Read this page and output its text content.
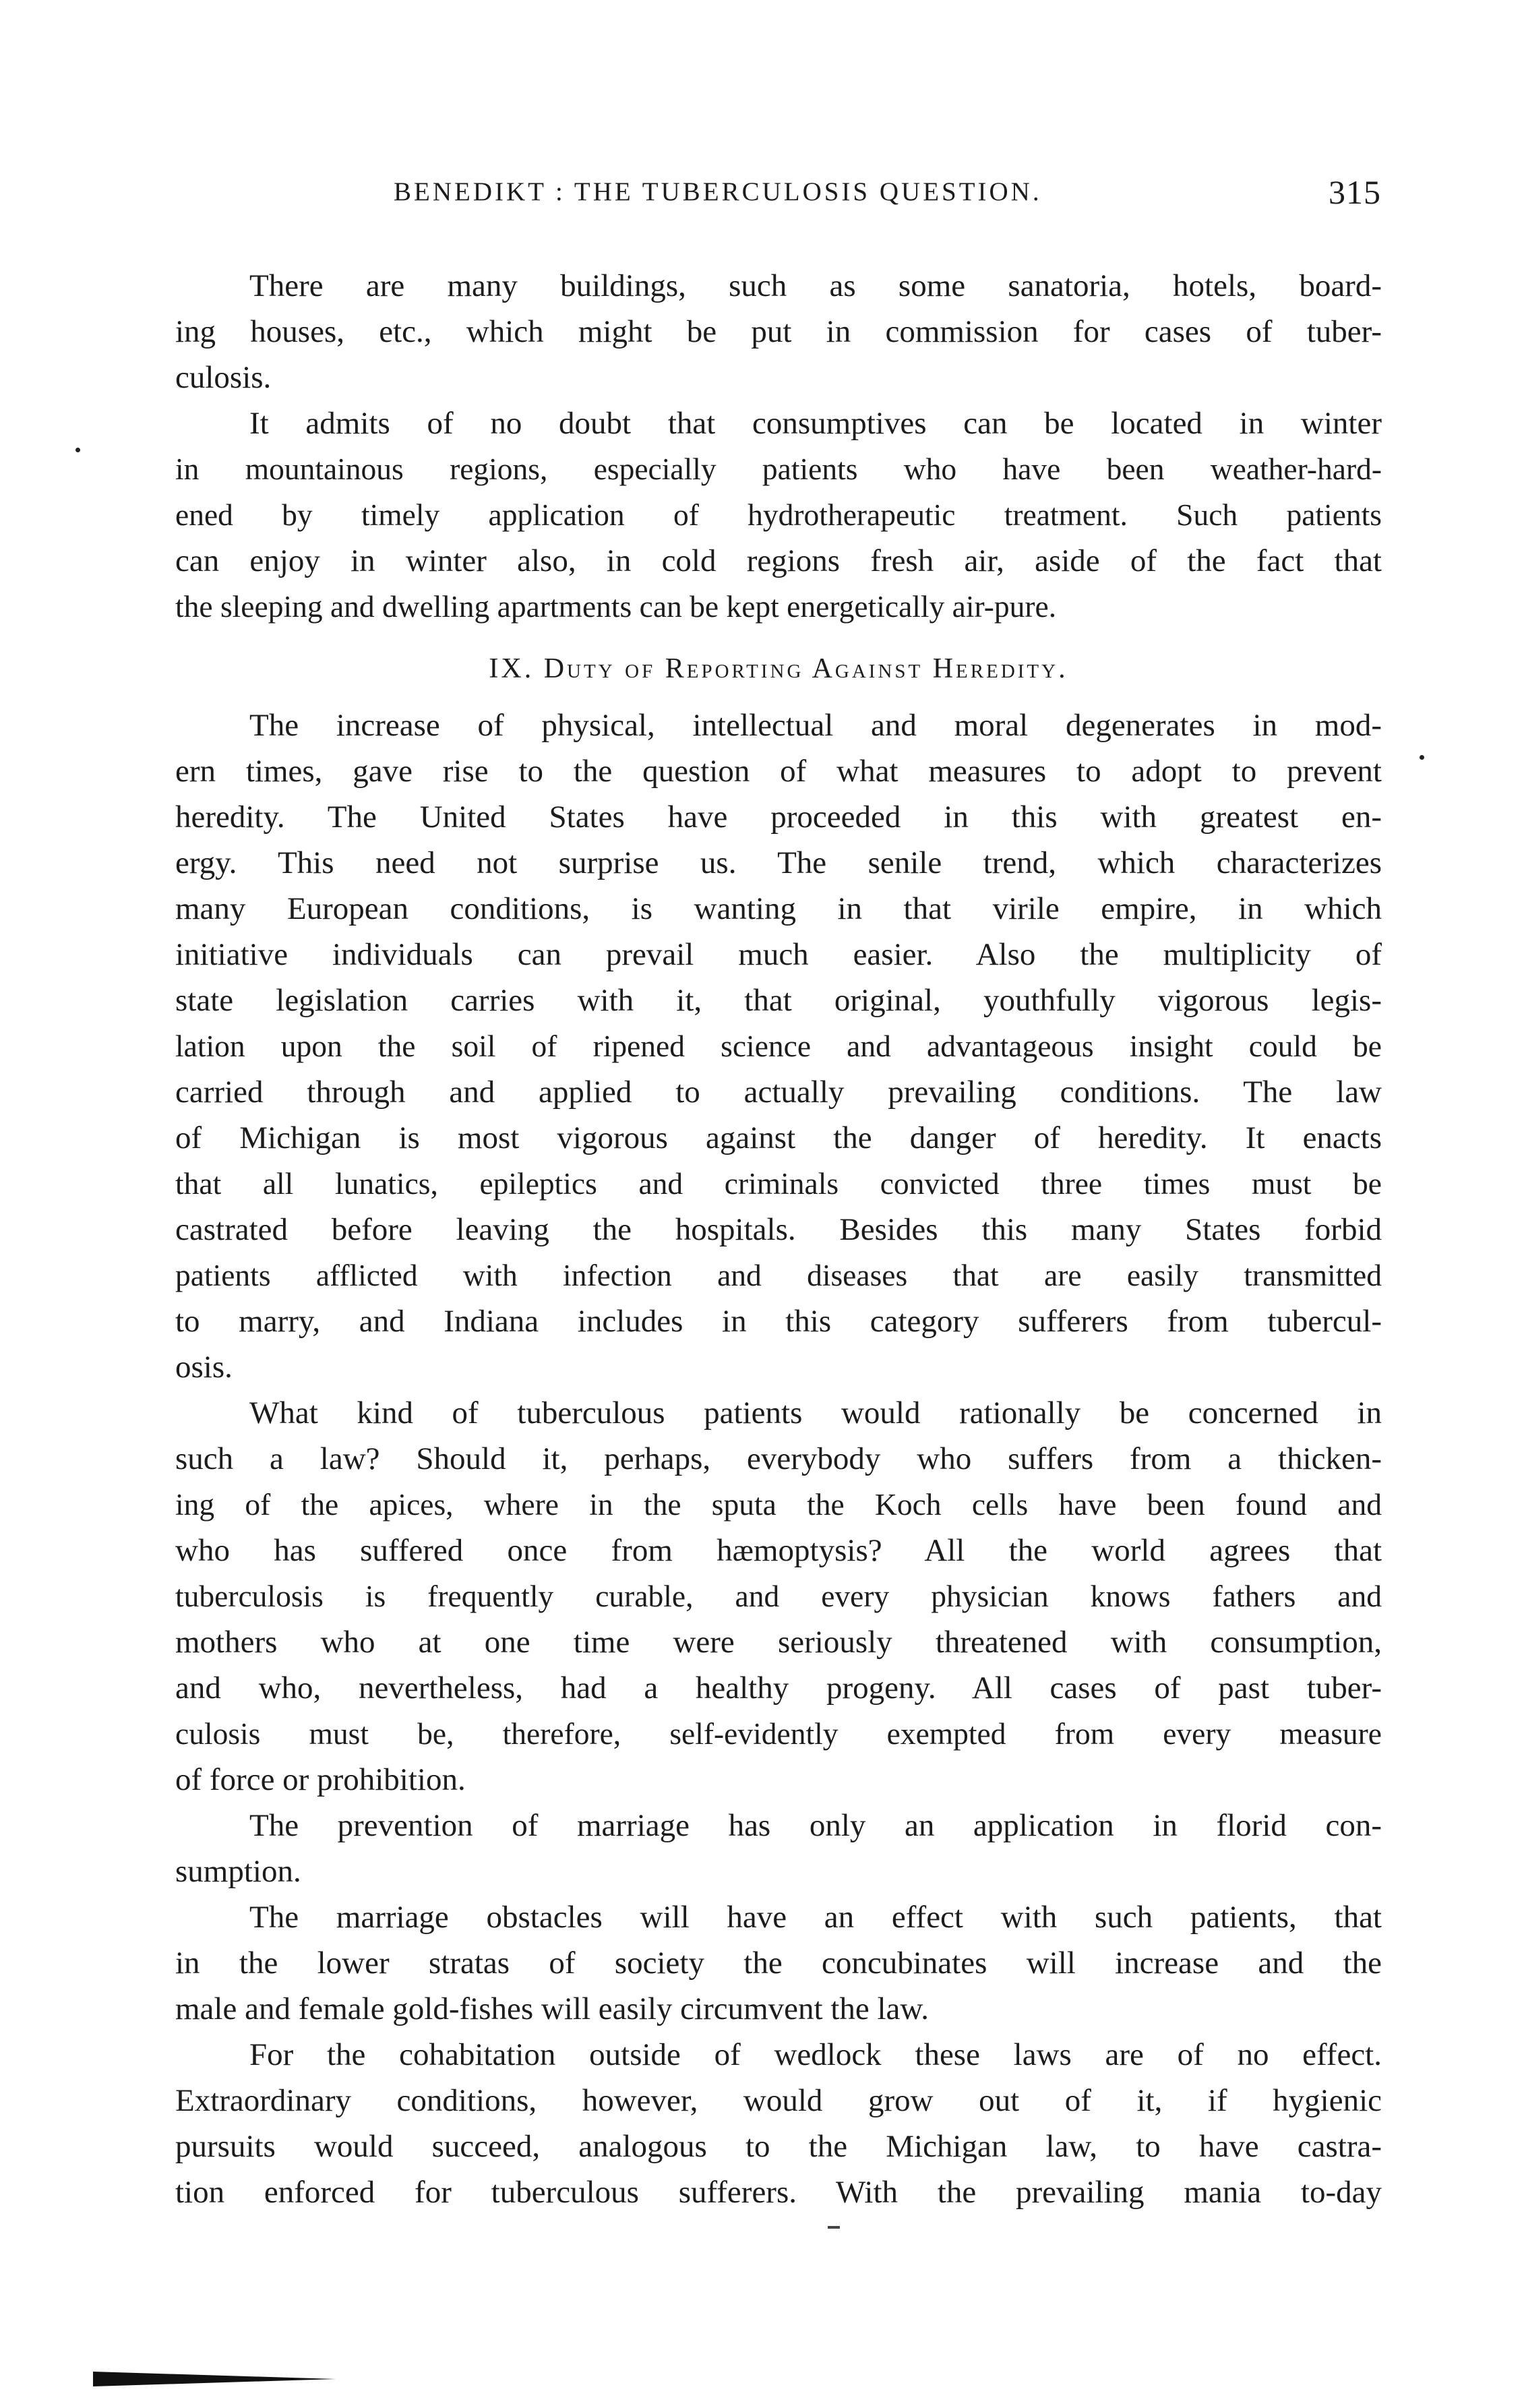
BENEDIKT : THE TUBERCULOSIS QUESTION.	315
There are many buildings, such as some sanatoria, hotels, board-
ing houses, etc., which might be put in commission for cases of tuber-
culosis.
It admits of no doubt that consumptives can be located in winter
in mountainous regions, especially patients who have been weather-hard-
ened by timely application of hydrotherapeutic treatment. Such patients
can enjoy in winter also, in cold regions fresh air, aside of the fact that
the sleeping and dwelling apartments can be kept energetically air-pure.
IX. Duty of Reporting Against Heredity.
The increase of physical, intellectual and moral degenerates in mod-
ern times, gave rise to the question of what measures to adopt to prevent
heredity. The United States have proceeded in this with greatest en-
ergy. This need not surprise us. The senile trend, which characterizes
many European conditions, is wanting in that virile empire, in which
initiative individuals can prevail much easier. Also the multiplicity of
state legislation carries with it, that original, youthfully vigorous legis-
lation upon the soil of ripened science and advantageous insight could be
carried through and applied to actually prevailing conditions. The law
of Michigan is most vigorous against the danger of heredity. It enacts
that all lunatics, epileptics and criminals convicted three times must be
castrated before leaving the hospitals. Besides this many States forbid
patients afflicted with infection and diseases that are easily transmitted
to marry, and Indiana includes in this category sufferers from tubercul-
osis.
What kind of tuberculous patients would rationally be concerned in
such a law? Should it, perhaps, everybody who suffers from a thicken-
ing of the apices, where in the sputa the Koch cells have been found and
who has suffered once from hæmoptysis? All the world agrees that
tuberculosis is frequently curable, and every physician knows fathers and
mothers who at one time were seriously threatened with consumption,
and who, nevertheless, had a healthy progeny. All cases of past tuber-
culosis must be, therefore, self-evidently exempted from every measure
of force or prohibition.
The prevention of marriage has only an application in florid con-
sumption.
The marriage obstacles will have an effect with such patients, that
in the lower stratas of society the concubinates will increase and the
male and female gold-fishes will easily circumvent the law.
For the cohabitation outside of wedlock these laws are of no effect.
Extraordinary conditions, however, would grow out of it, if hygienic
pursuits would succeed, analogous to the Michigan law, to have castra-
tion enforced for tuberculous sufferers. With the prevailing mania to-day
